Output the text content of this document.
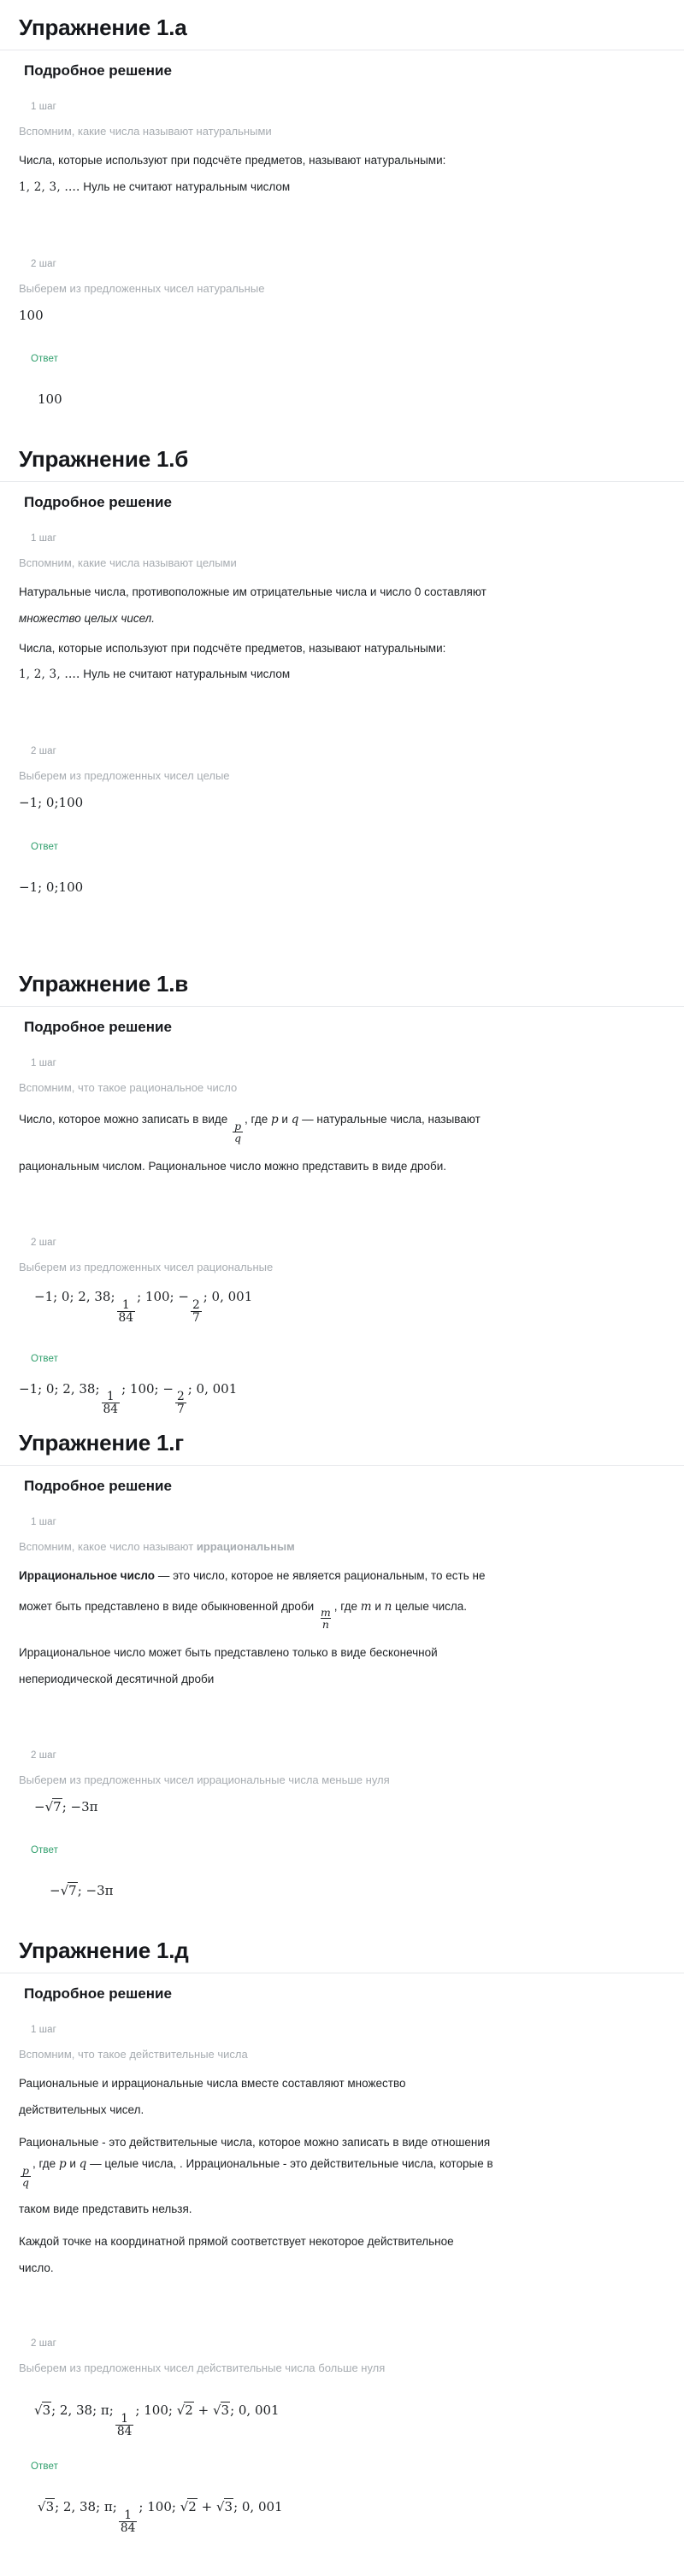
Упражнение 1.а
Подробное решение
1 шаг
Вспомним, какие числа называют натуральными
Числа, которые используют при подсчёте предметов, называют натуральными:
1, 2, 3, …. Нуль не считают натуральным числом
2 шаг
Выберем из предложенных чисел натуральные
100
Ответ
100
Упражнение 1.б
Подробное решение
1 шаг
Вспомним, какие числа называют целыми
Натуральные числа, противоположные им отрицательные числа и число 0 составляют
множество целых чисел.
Числа, которые используют при подсчёте предметов, называют натуральными:
1, 2, 3, …. Нуль не считают натуральным числом
2 шаг
Выберем из предложенных чисел целые
−1; 0;100
Ответ
−1; 0;100
Упражнение 1.в
Подробное решение
1 шаг
Вспомним, что такое рациональное число
Число, которое можно записать в виде
$\frac{p}{q}$
, где p и q — натуральные числа, называют
рациональным числом. Рациональное число можно представить в виде дроби.
2 шаг
Выберем из предложенных чисел рациональные
−1; 0; 2, 38;
$\frac{1}{84}$
; 100; −
$\frac{2}{7}$
; 0, 001
Ответ
−1; 0; 2, 38;
$\frac{1}{84}$
; 100; −
$\frac{2}{7}$
; 0, 001
Упражнение 1.г
Подробное решение
1 шаг
Вспомним, какое число называют иррациональным
Иррациональное число — это число, которое не является рациональным, то есть не
может быть представлено в виде обыкновенной дроби
$\frac{m}{n}$
, где m и n целые числа.
Иррациональное число может быть представлено только в виде бесконечной
непериодической десятичной дроби
2 шаг
Выберем из предложенных чисел иррациональные числа меньше нуля
−√7; −3π
Ответ
−√7; −3π
Упражнение 1.д
Подробное решение
1 шаг
Вспомним, что такое действительные числа
Рациональные и иррациональные числа вместе составляют множество
действительных чисел.
Рациональные - это действительные числа, которое можно записать в виде отношения
$\frac{p}{q}$
, где p и q — целые числа, . Иррациональные - это действительные числа, которые в
таком виде представить нельзя.
Каждой точке на координатной прямой соответствует некоторое действительное
число.
2 шаг
Выберем из предложенных чисел действительные числа больше нуля
√3; 2, 38; π;
$\frac{1}{84}$
; 100; √2 + √3; 0, 001
Ответ
√3; 2, 38; π;
$\frac{1}{84}$
; 100; √2 + √3; 0, 001
